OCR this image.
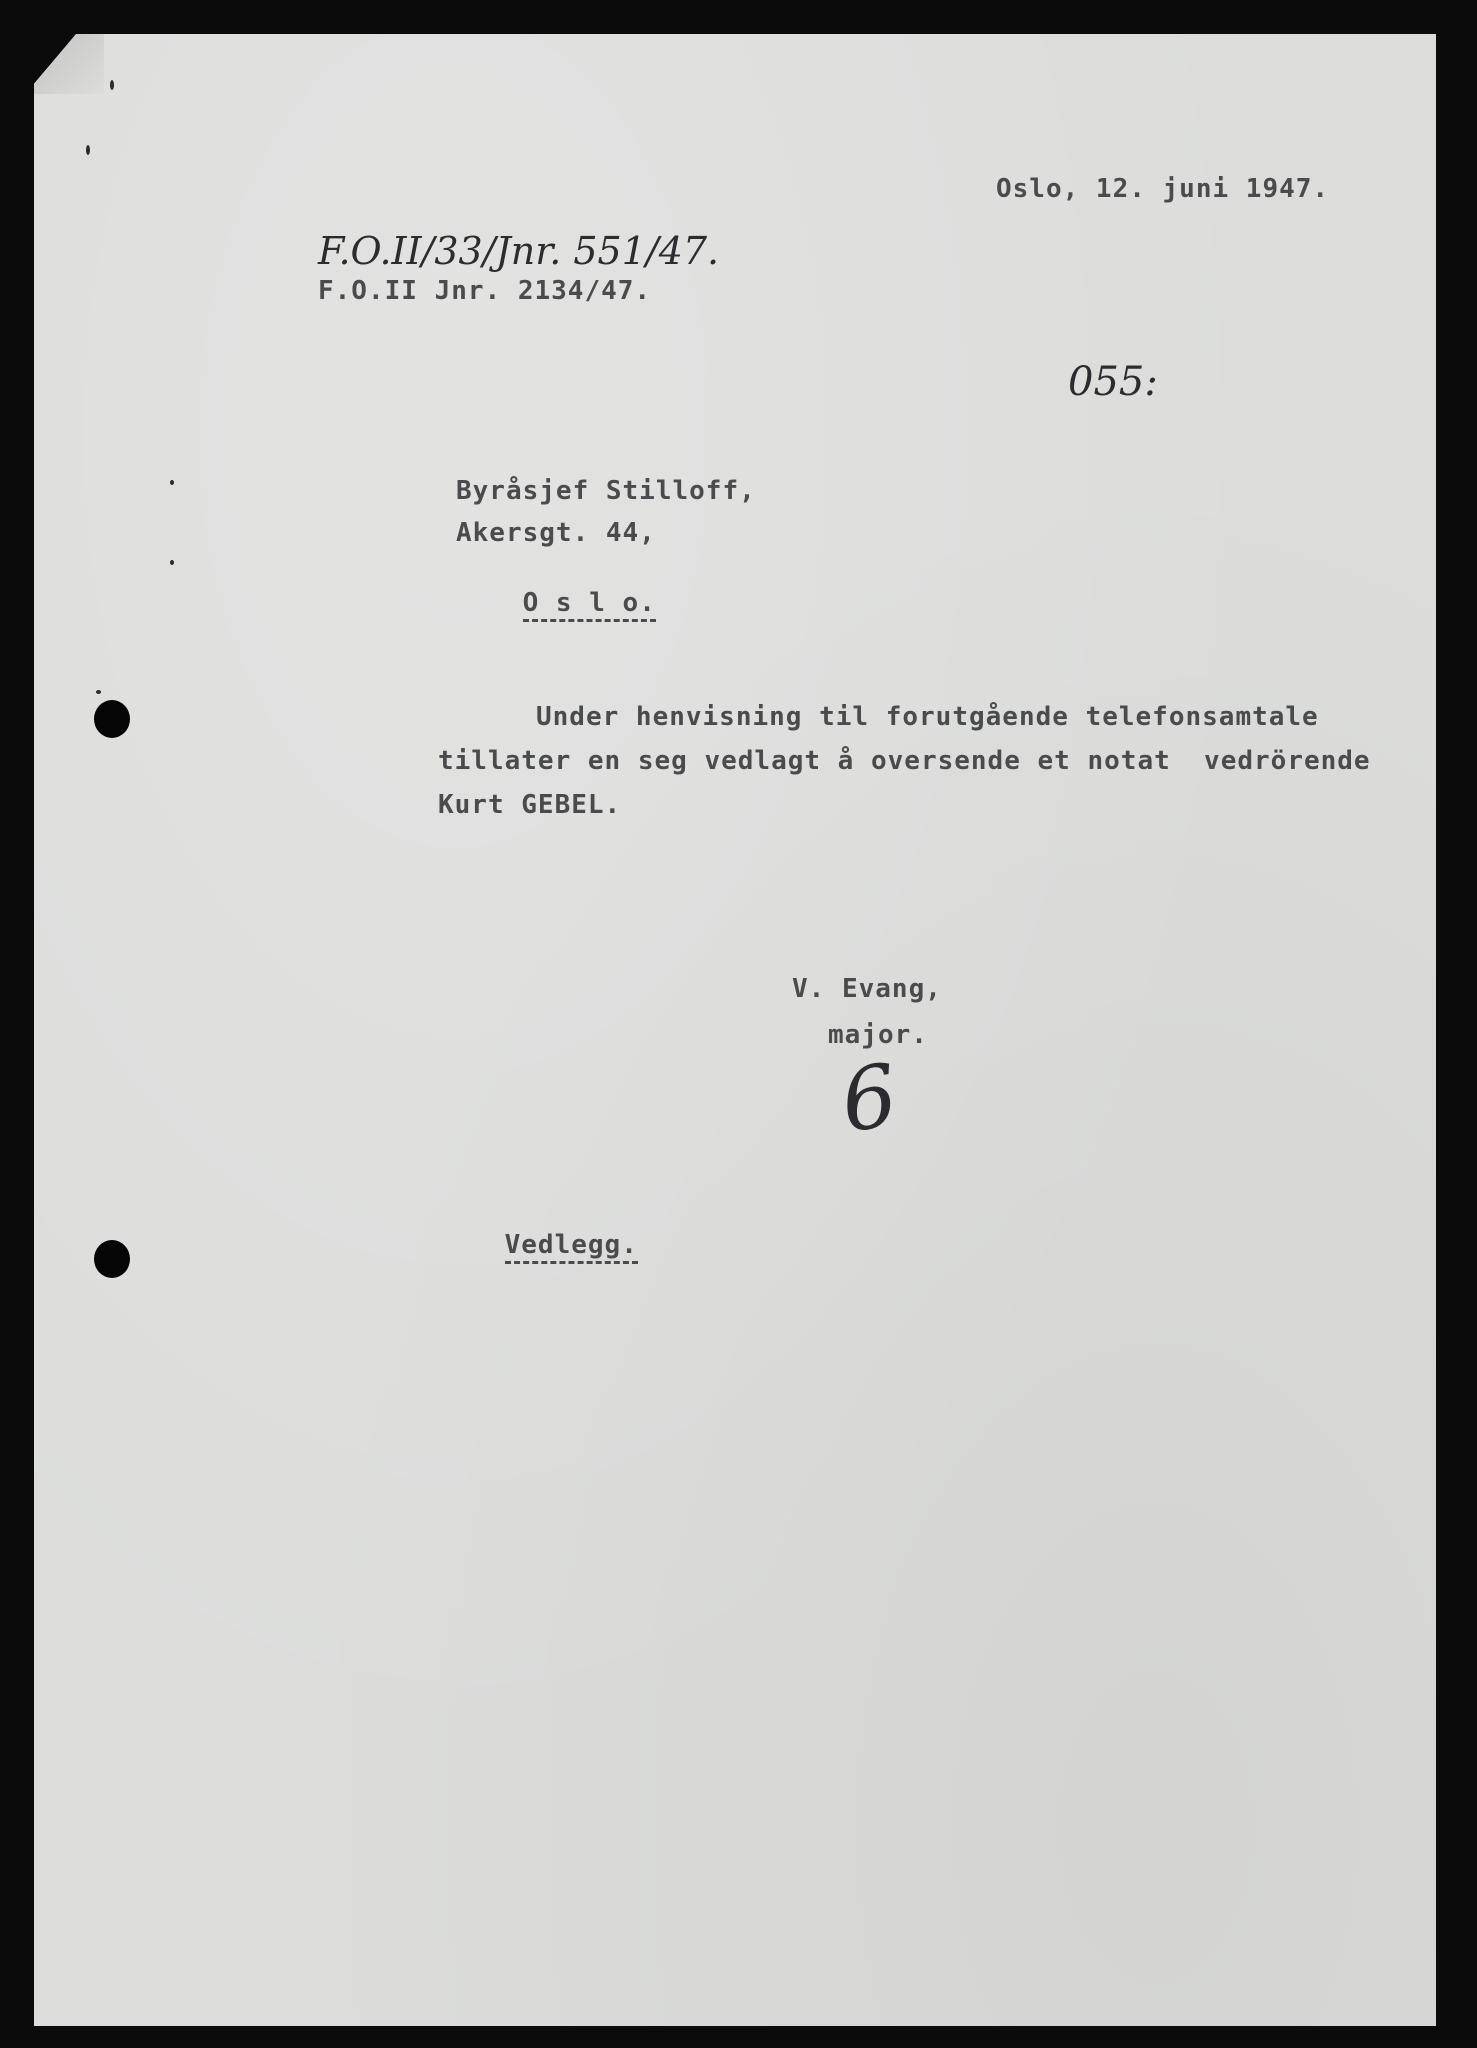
Oslo, 12. juni 1947.
F.O.II/33/Jnr. 551/47.
F.O.II Jnr. 2134/47.
055:
Byråsjef Stilloff,
Akersgt. 44,

O s l o.

Under henvisning til forutgående telefonsamtale
tillater en seg vedlagt å oversende et notat  vedrörende
Kurt GEBEL.
V. Evang,
major.
6

Vedlegg.
